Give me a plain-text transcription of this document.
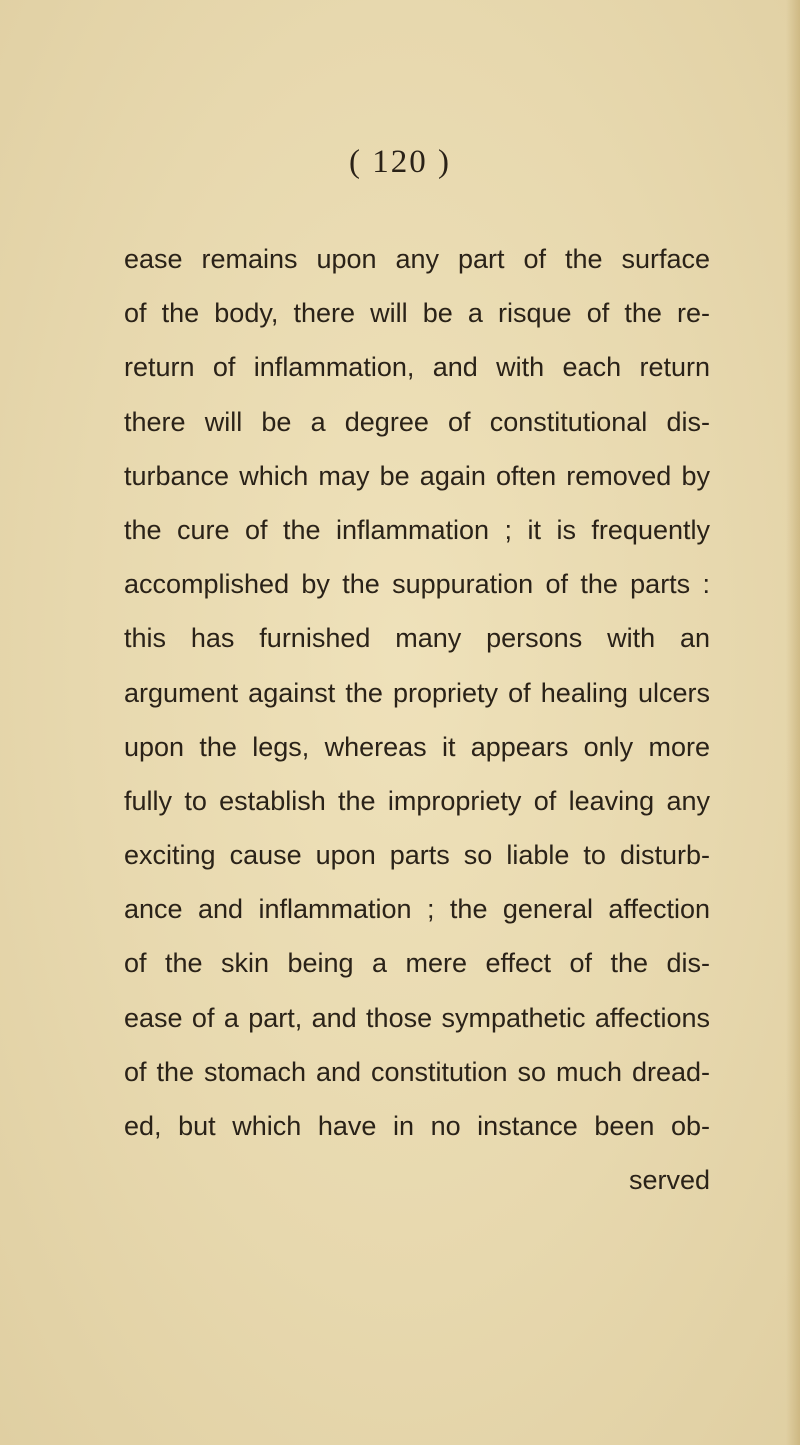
( 120 )
ease remains upon any part of the surface
of the body, there will be a risque of the re-
return of inflammation, and with each return
there will be a degree of constitutional dis-
turbance which may be again often removed by
the cure of the inflammation ; it is frequently
accomplished by the suppuration of the parts :
this has furnished many persons with an
argument against the propriety of healing ulcers
upon the legs, whereas it appears only more
fully to establish the impropriety of leaving any
exciting cause upon parts so liable to disturb-
ance and inflammation ; the general affection
of the skin being a mere effect of the dis-
ease of a part, and those sympathetic affections
of the stomach and constitution so much dread-
ed, but which have in no instance been ob-
served
